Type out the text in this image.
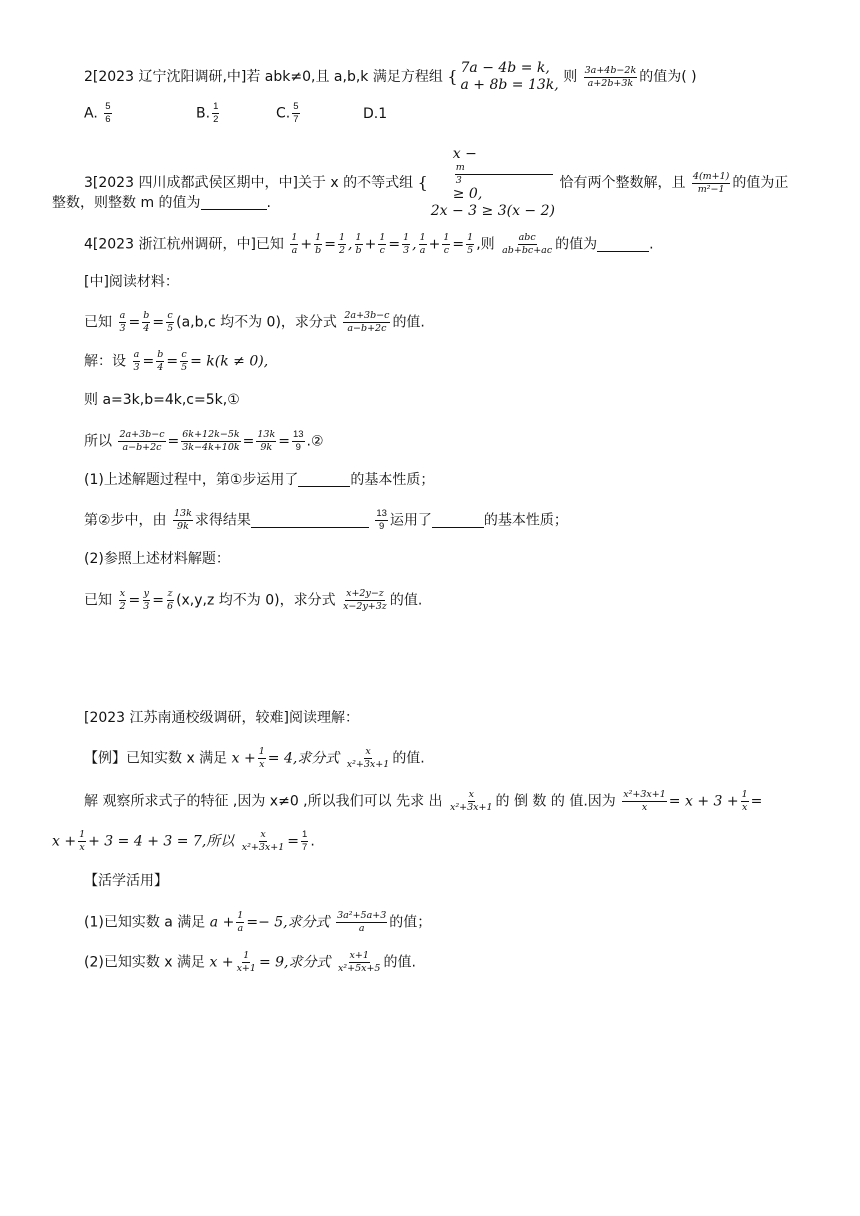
2[2023 辽宁沈阳调研,中]若 abk≠0,且 a,b,k 满足方程组 { 7a − 4b = k,
a + 8b = 13k, 则 $\frac{3a+4b-2k}{a+2b+3k}$ 的值为( )
A. $\frac{5}{6}$	B. $\frac{1}{2}$	C. $\frac{5}{7}$	D.1
3[2023 四川成都武侯区期中，中]关于 x 的不等式组 {
x −
m
3
≥ 0,
2x − 3 ≥ 3(x − 2)
恰有两个整数解，且 $\frac{4(m+1)}{\text{m²−1}}$ 的值为正
整数，则整数 m 的值为	.
4[2023 浙江杭州调研，中]已知 $\frac{1}{a} + \frac{1}{b} = \frac{1}{2}$ , $\frac{1}{b} + \frac{1}{c} = \frac{1}{3}$ , $\frac{1}{a} + \frac{1}{c} = \frac{1}{5}$ ,则 $\frac{\text{abc}}{ab+bc+ac}$ 的值为	.
[中]阅读材料：
已知 $\frac{a}{3} = \frac{b}{4} = \frac{c}{5} (a,b,c$ 均不为 0)，求分式 $\frac{2a+3b-c}{a-b+2c}$ 的值.
解：设 $\frac{a}{3} = \frac{b}{4} = \frac{c}{5} = k(k \ne 0)$,
则 a=3k,b=4k,c=5k,①
所以 $\frac{2a+3b-c}{a-b+2c} = \frac{6k+12k-5k}{3k-4k+10k} = \frac{13k}{9k} = \frac{13}{9}$ .②
(1)上述解题过程中，第①步运用了	的基本性质；
第②步中，由 $\frac{13k}{9k}$ 求得结果	$\frac{13}{9}$ 运用了	的基本性质；
(2)参照上述材料解题：
已知 $\frac{x}{2} = \frac{y}{3} = \frac{z}{6} (x,y,z$ 均不为 0)，求分式 $\frac{x+2y-z}{x-2y+3z}$ 的值.
[2023 江苏南通校级调研，较难]阅读理解：
【例】已知实数 x 满足 $x + \frac{1}{x} = 4$,求分式 $\frac{x}{\text{x²+3x+1}}$ 的值.
解 观察所求式子的特征 ,因为 x≠0 ,所以我们可以 先求 出 $\frac{x}{\text{x²+3x+1}}$ 的 倒 数 的 值.因为 $\frac{\text{x²+3x+1}}{x} = x + 3 + \frac{1}{x}$ =
$x + \frac{1}{x} + 3 = 4 + 3 = 7$,所以 $\frac{x}{\text{x²+3x+1}} = \frac{1}{7}$ .
【活学活用】
(1)已知实数 a 满足 $a + \frac{1}{a} =- 5$,求分式 $\frac{\text{3a²+5a+3}}{a}$ 的值；
(2)已知实数 x 满足 $x + \frac{1}{x+1} = 9$,求分式 $\frac{x+1}{\text{x²+5x+5}}$ 的值.
